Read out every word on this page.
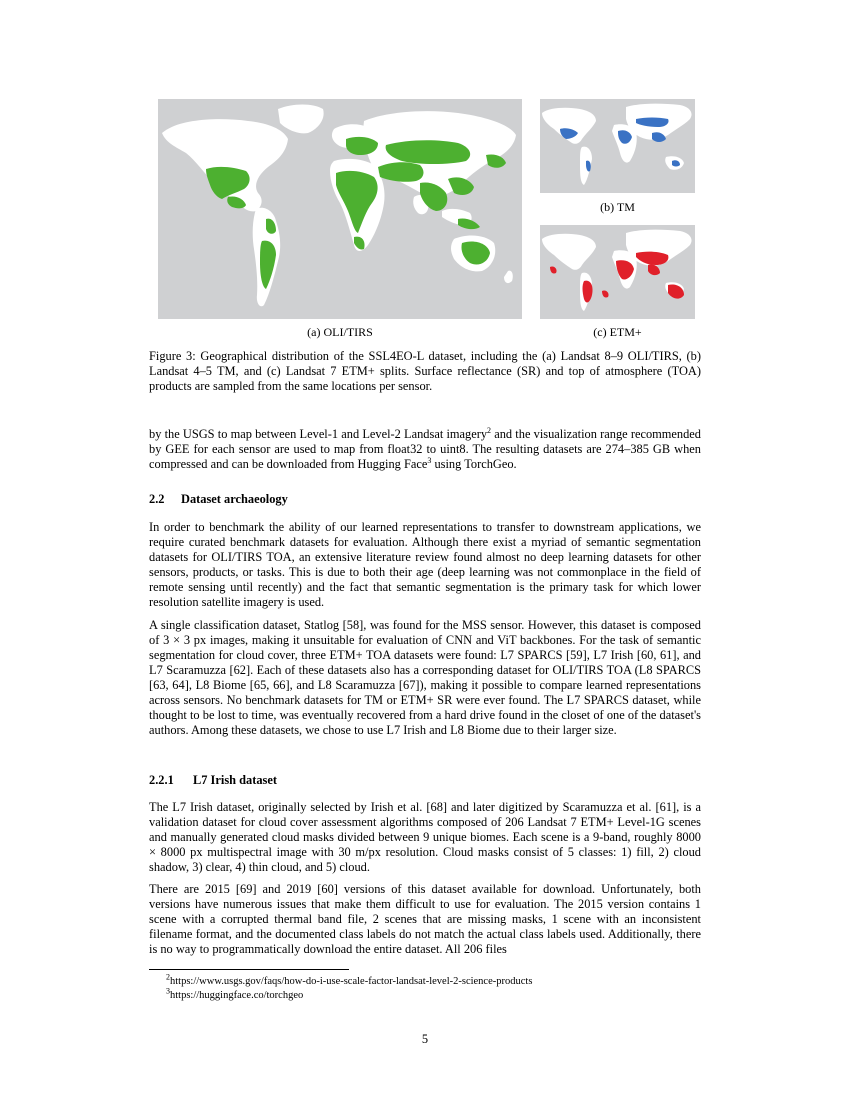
(b) TM
(a) OLI/TIRS	(c) ETM+
Figure 3: Geographical distribution of the SSL4EO-L dataset, including the (a) Landsat 8–9 OLI/TIRS, (b) Landsat 4–5 TM, and (c) Landsat 7 ETM+ splits. Surface reflectance (SR) and top of atmosphere (TOA) products are sampled from the same locations per sensor.
by the USGS to map between Level-1 and Level-2 Landsat imagery$^2$ and the visualization range recommended by GEE for each sensor are used to map from float32 to uint8. The resulting datasets are 274–385 GB when compressed and can be downloaded from Hugging Face$^3$ using TorchGeo.
2.2 Dataset archaeology
In order to benchmark the ability of our learned representations to transfer to downstream applications, we require curated benchmark datasets for evaluation. Although there exist a myriad of semantic segmentation datasets for OLI/TIRS TOA, an extensive literature review found almost no deep learning datasets for other sensors, products, or tasks. This is due to both their age (deep learning was not commonplace in the field of remote sensing until recently) and the fact that semantic segmentation is the primary task for which lower resolution satellite imagery is used.
A single classification dataset, Statlog [58], was found for the MSS sensor. However, this dataset is composed of 3 × 3 px images, making it unsuitable for evaluation of CNN and ViT backbones. For the task of semantic segmentation for cloud cover, three ETM+ TOA datasets were found: L7 SPARCS [59], L7 Irish [60, 61], and L7 Scaramuzza [62]. Each of these datasets also has a corresponding dataset for OLI/TIRS TOA (L8 SPARCS [63, 64], L8 Biome [65, 66], and L8 Scaramuzza [67]), making it possible to compare learned representations across sensors. No benchmark datasets for TM or ETM+ SR were ever found. The L7 SPARCS dataset, while thought to be lost to time, was eventually recovered from a hard drive found in the closet of one of the dataset's authors. Among these datasets, we chose to use L7 Irish and L8 Biome due to their larger size.
2.2.1 L7 Irish dataset
The L7 Irish dataset, originally selected by Irish et al. [68] and later digitized by Scaramuzza et al. [61], is a validation dataset for cloud cover assessment algorithms composed of 206 Landsat 7 ETM+ Level-1G scenes and manually generated cloud masks divided between 9 unique biomes. Each scene is a 9-band, roughly 8000 × 8000 px multispectral image with 30 m/px resolution. Cloud masks consist of 5 classes: 1) fill, 2) cloud shadow, 3) clear, 4) thin cloud, and 5) cloud.
There are 2015 [69] and 2019 [60] versions of this dataset available for download. Unfortunately, both versions have numerous issues that make them difficult to use for evaluation. The 2015 version contains 1 scene with a corrupted thermal band file, 2 scenes that are missing masks, 1 scene with an inconsistent filename format, and the documented class labels do not match the actual class labels used. Additionally, there is no way to programmatically download the entire dataset. All 206 files
$^2$https://www.usgs.gov/faqs/how-do-i-use-scale-factor-landsat-level-2-science-products
$^3$https://huggingface.co/torchgeo
5
